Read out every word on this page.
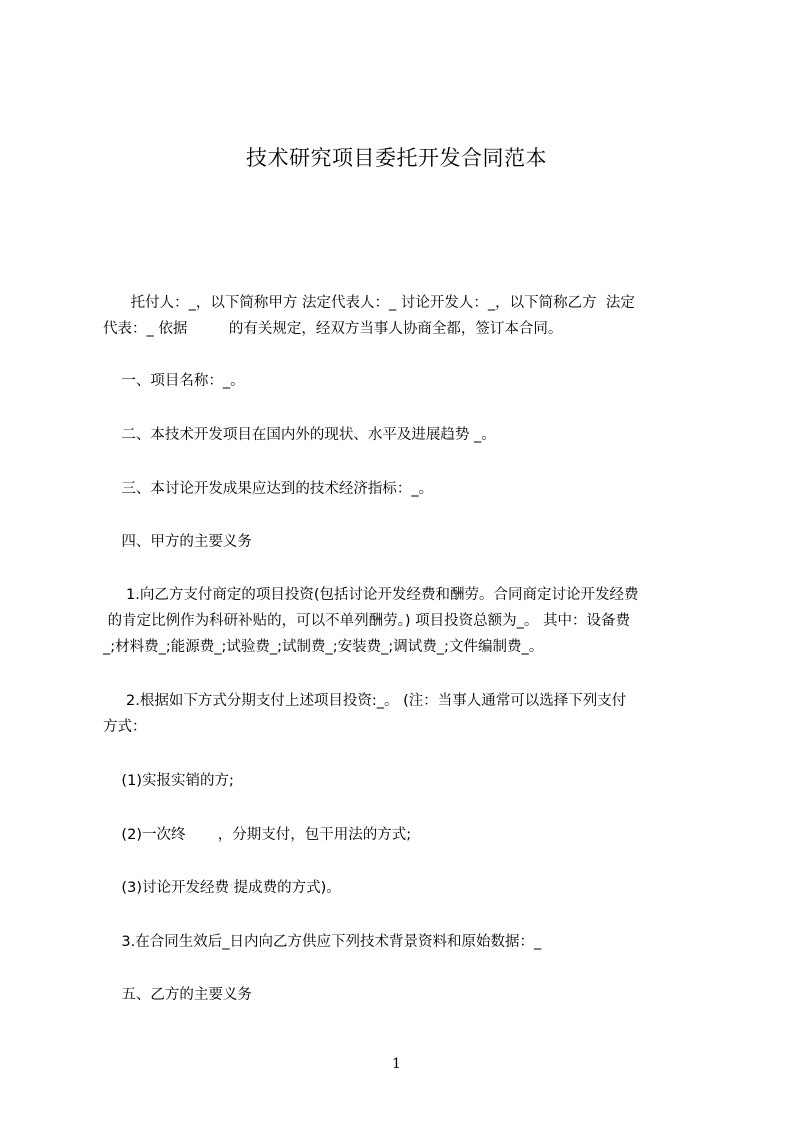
技术研究项目委托开发合同范本
托付人：_，以下简称甲方 法定代表人：_ 讨论开发人：_，以下简称乙方  法定
代表：_ 依据         的有关规定，经双方当事人协商全都，签订本合同。
一、项目名称：_。
二、本技术开发项目在国内外的现状、水平及进展趋势 _。
三、本讨论开发成果应达到的技术经济指标：_。
四、甲方的主要义务
1.向乙方支付商定的项目投资(包括讨论开发经费和酬劳。合同商定讨论开发经费
的肯定比例作为科研补贴的，可以不单列酬劳。) 项目投资总额为_。 其中：设备费
_;材料费_;能源费_;试验费_;试制费_;安装费_;调试费_;文件编制费_。
2.根据如下方式分期支付上述项目投资:_。 (注：当事人通常可以选择下列支付
方式：
(1)实报实销的方;
(2)一次终       ，分期支付，包干用法的方式;
(3)讨论开发经费 提成费的方式)。
3.在合同生效后_日内向乙方供应下列技术背景资料和原始数据：_
五、乙方的主要义务
1
